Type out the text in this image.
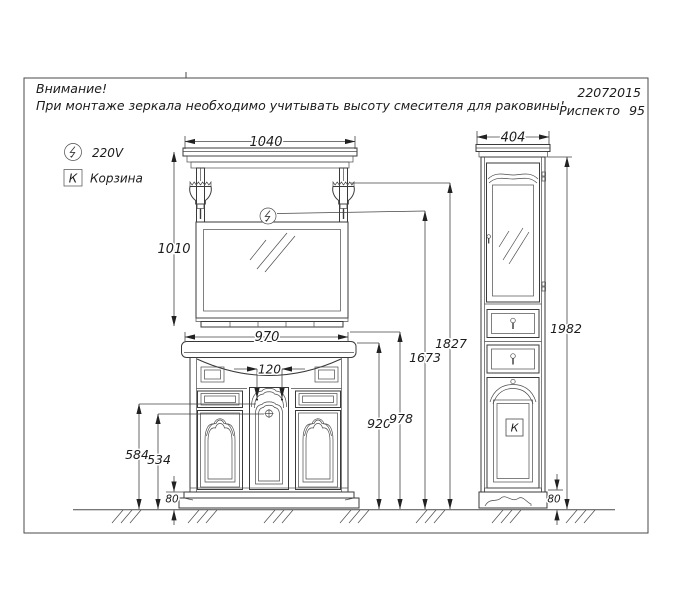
Внимание!
При монтаже зеркала необходимо учитывать высоту смесителя для раковины!
22072015
Риспекто 95
220V
К Корзина
К
1040
1010
970
120
584
534
80
920
978
1673
1827
404
1982
80
